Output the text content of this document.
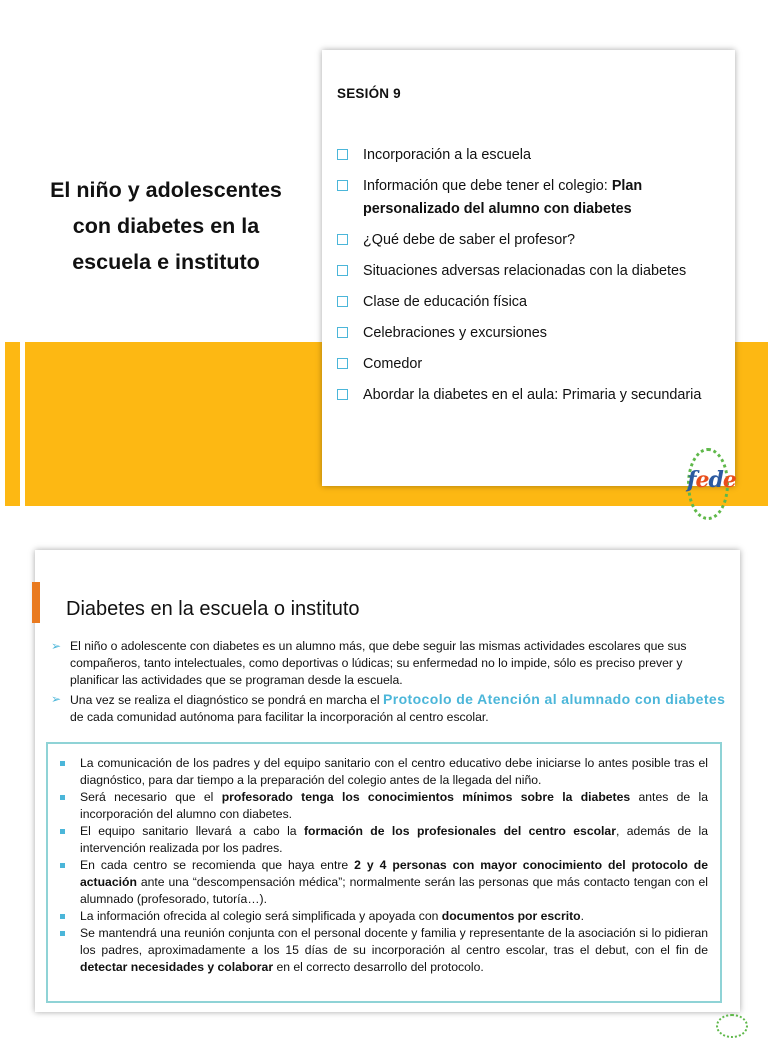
El niño y adolescentes con diabetes en la escuela e instituto
SESIÓN 9
Incorporación a la escuela
Información que debe tener el colegio: Plan personalizado del alumno con diabetes
¿Qué debe de saber el profesor?
Situaciones adversas relacionadas con la diabetes
Clase de educación física
Celebraciones y excursiones
Comedor
Abordar la diabetes en el aula: Primaria y secundaria
fede
Diabetes en la escuela o instituto
➢ El niño o adolescente con diabetes es un alumno más, que debe seguir las mismas actividades escolares que sus compañeros, tanto intelectuales, como deportivas o lúdicas; su enfermedad no lo impide, sólo es preciso prever y planificar las actividades que se programan desde la escuela.
➢ Una vez se realiza el diagnóstico se pondrá en marcha el Protocolo de Atención al alumnado con diabetes de cada comunidad autónoma para facilitar la incorporación al centro escolar.
La comunicación de los padres y del equipo sanitario con el centro educativo debe iniciarse lo antes posible tras el diagnóstico, para dar tiempo a la preparación del colegio antes de la llegada del niño.
Será necesario que el profesorado tenga los conocimientos mínimos sobre la diabetes antes de la incorporación del alumno con diabetes.
El equipo sanitario llevará a cabo la formación de los profesionales del centro escolar, además de la intervención realizada por los padres.
En cada centro se recomienda que haya entre 2 y 4 personas con mayor conocimiento del protocolo de actuación ante una “descompensación médica”; normalmente serán las personas que más contacto tengan con el alumnado (profesorado, tutoría…).
La información ofrecida al colegio será simplificada y apoyada con documentos por escrito.
Se mantendrá una reunión conjunta con el personal docente y familia y representante de la asociación si lo pidieran los padres, aproximadamente a los 15 días de su incorporación al centro escolar, tras el debut, con el fin de detectar necesidades y colaborar en el correcto desarrollo del protocolo.
